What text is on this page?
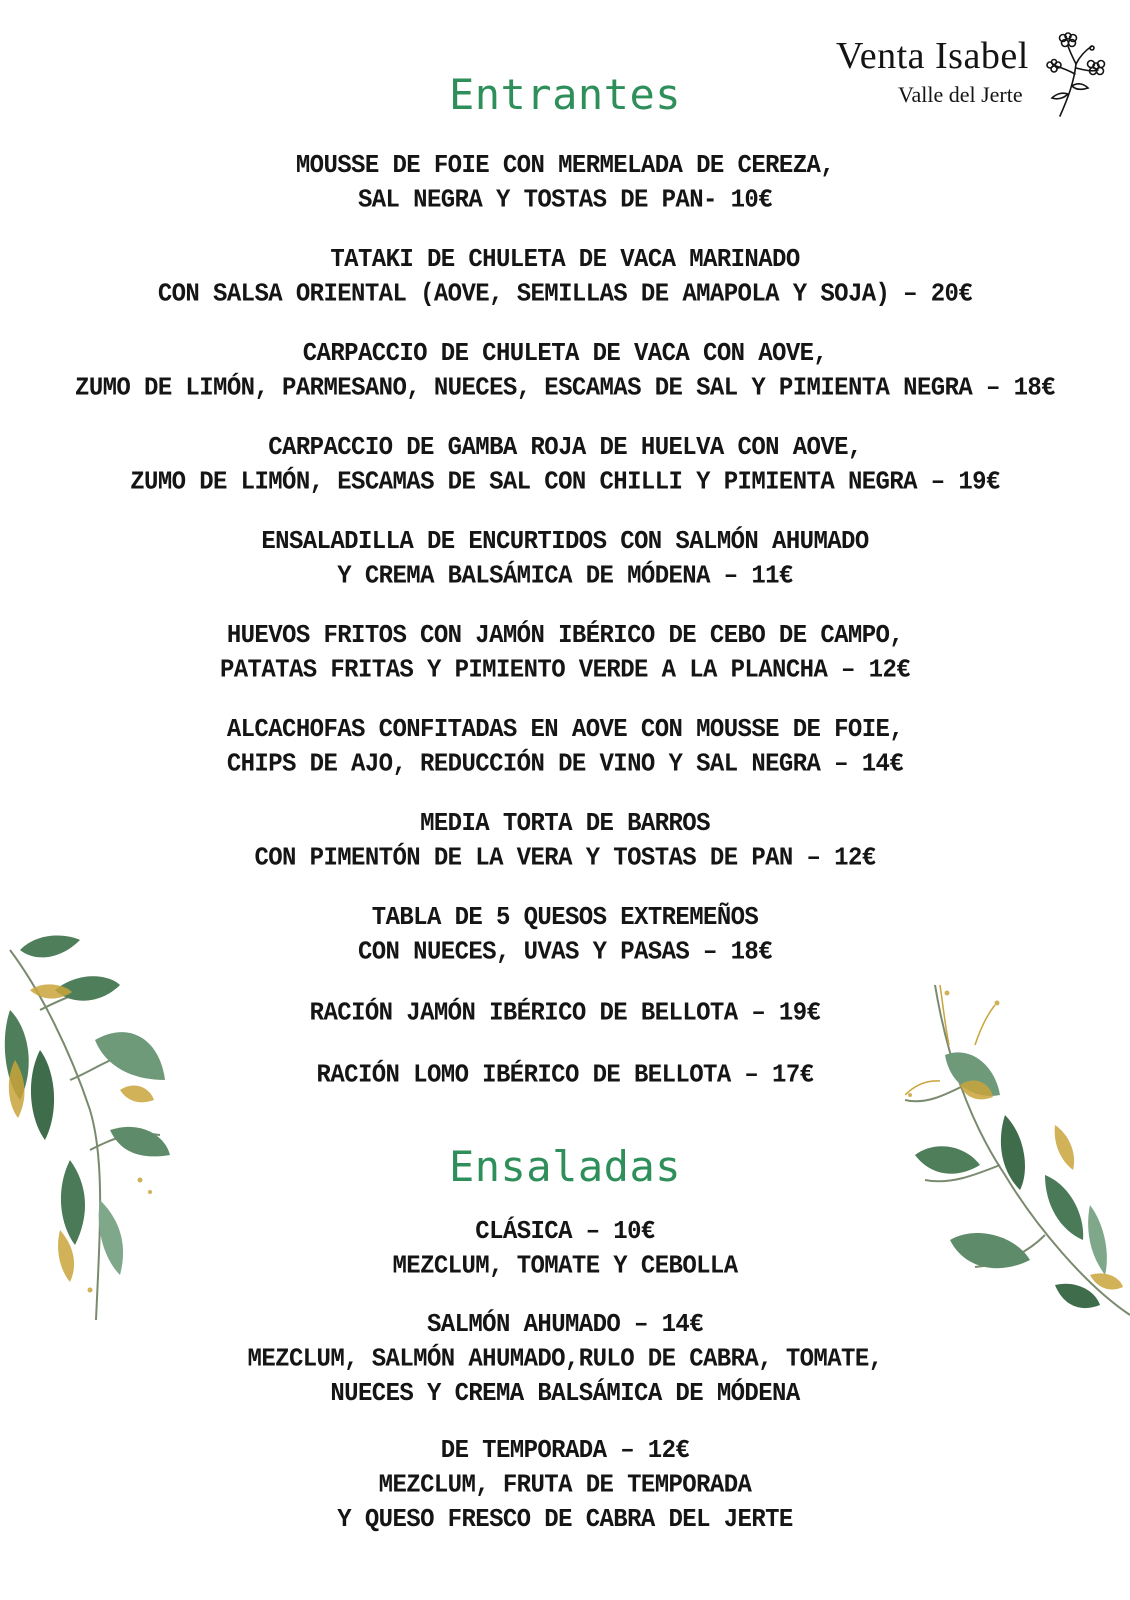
Venta Isabel
Valle del Jerte
Entrantes
MOUSSE DE FOIE CON MERMELADA DE CEREZA,
SAL NEGRA Y TOSTAS DE PAN- 10€
TATAKI DE CHULETA DE VACA MARINADO
CON SALSA ORIENTAL (AOVE, SEMILLAS DE AMAPOLA Y SOJA) – 20€
CARPACCIO DE CHULETA DE VACA CON AOVE,
ZUMO DE LIMÓN, PARMESANO, NUECES, ESCAMAS DE SAL Y PIMIENTA NEGRA – 18€
CARPACCIO DE GAMBA ROJA DE HUELVA CON AOVE,
ZUMO DE LIMÓN, ESCAMAS DE SAL CON CHILLI Y PIMIENTA NEGRA – 19€
ENSALADILLA DE ENCURTIDOS CON SALMÓN AHUMADO
Y CREMA BALSÁMICA DE MÓDENA – 11€
HUEVOS FRITOS CON JAMÓN IBÉRICO DE CEBO DE CAMPO,
PATATAS FRITAS Y PIMIENTO VERDE A LA PLANCHA – 12€
ALCACHOFAS CONFITADAS EN AOVE CON MOUSSE DE FOIE,
CHIPS DE AJO, REDUCCIÓN DE VINO Y SAL NEGRA – 14€
MEDIA TORTA DE BARROS
CON PIMENTÓN DE LA VERA Y TOSTAS DE PAN – 12€
TABLA DE 5 QUESOS EXTREMEÑOS
CON NUECES, UVAS Y PASAS – 18€
RACIÓN JAMÓN IBÉRICO DE BELLOTA – 19€
RACIÓN LOMO IBÉRICO DE BELLOTA – 17€
Ensaladas
CLÁSICA – 10€
MEZCLUM, TOMATE Y CEBOLLA
SALMÓN AHUMADO – 14€
MEZCLUM, SALMÓN AHUMADO,RULO DE CABRA, TOMATE,
NUECES Y CREMA BALSÁMICA DE MÓDENA
DE TEMPORADA – 12€
MEZCLUM, FRUTA DE TEMPORADA
Y QUESO FRESCO DE CABRA DEL JERTE
